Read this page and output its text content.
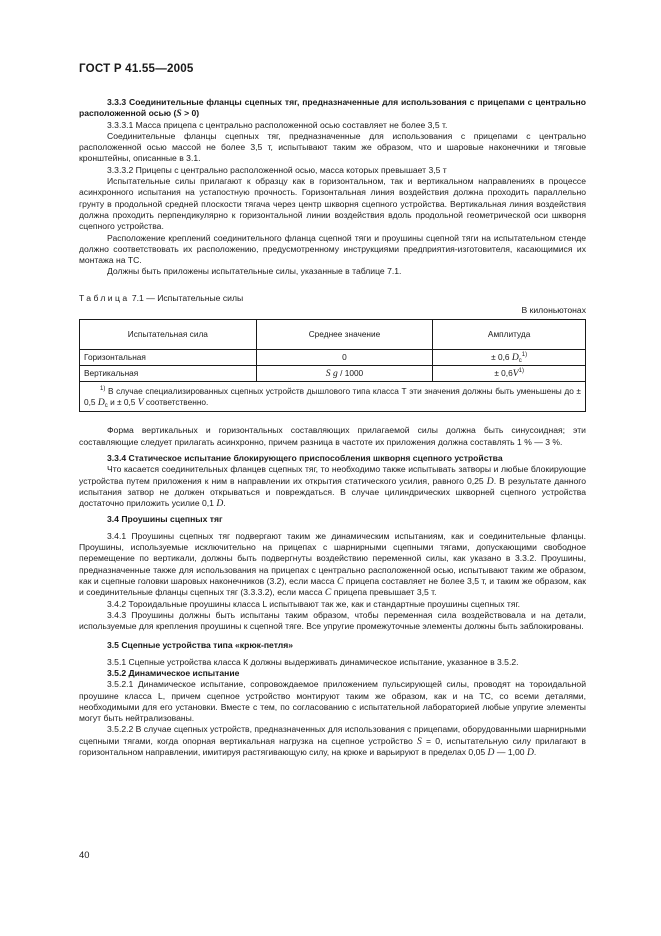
ГОСТ Р 41.55—2005

3.3.3 Соединительные фланцы сцепных тяг, предназначенные для использования с прицепами с центрально расположенной осью (S > 0)

3.3.3.1 Масса прицепа с центрально расположенной осью составляет не более 3,5 т.

Соединительные фланцы сцепных тяг, предназначенные для использования с прицепами с центрально расположенной осью массой не более 3,5 т, испытывают таким же образом, что и шаровые наконечники и тяговые кронштейны, описанные в 3.1.

3.3.3.2 Прицепы с центрально расположенной осью, масса которых превышает 3,5 т

Испытательные силы прилагают к образцу как в горизонтальном, так и вертикальном направлениях в процессе асинхронного испытания на устапостную прочность. Горизонтальная линия воздействия должна проходить параллельно грунту в продольной средней плоскости тягача через центр шкворня сцепного устройства. Вертикальная линия воздействия должна проходить перпендикулярно к горизонтальной линии воздействия вдоль продольной геометрической оси шкворня сцепного устройства.

Расположение креплений соединительного фланца сцепной тяги и проушины сцепной тяги на испытательном стенде должно соответствовать их расположению, предусмотренному инструкциями предприятия-изготовителя, касающимися их монтажа на ТС.

Должны быть приложены испытательные силы, указанные в таблице 7.1.

Таблица 7.1 — Испытательные силы

В килоньютонах

Испытательная сила	Среднее значение	Амплитуда
Горизонтальная	0	± 0,6 $D_c^{1)}$
Вертикальная	S g / 1000	± $0,6V^{1)}$
$^{1)}$ В случае специализированных сцепных устройств дышлового типа класса Т эти значения должны быть уменьшены до ± 0,5 $D_c$ и ± 0,5 V соответственно.		

Форма вертикальных и горизонтальных составляющих прилагаемой силы должна быть синусоидная; эти составляющие следует прилагать асинхронно, причем разница в частоте их приложения должна составлять 1 % — 3 %.

3.3.4 Статическое испытание блокирующего приспособления шкворня сцепного устройства

Что касается соединительных фланцев сцепных тяг, то необходимо также испытывать затворы и любые блокирующие устройства путем приложения к ним в направлении их открытия статического усилия, равного 0,25 D. В результате данного испытания затвор не должен открываться и повреждаться. В случае цилиндрических шкворней сцепного устройства достаточно приложить усилие 0,1 D.

3.4 Проушины сцепных тяг

3.4.1 Проушины сцепных тяг подвергают таким же динамическим испытаниям, как и соединительные фланцы. Проушины, используемые исключительно на прицепах с шарнирными сцепными тягами, допускающими свободное перемещение по вертикали, должны быть подвергнуты воздействию переменной силы, как указано в 3.3.2. Проушины, предназначенные также для использования на прицепах с центрально расположенной осью, испытывают таким же образом, как и сцепные головки шаровых наконечников (3.2), если масса C прицепа составляет не более 3,5 т, и таким же образом, как и соединительные фланцы сцепных тяг (3.3.3.2), если масса C прицепа превышает 3,5 т.

3.4.2 Тороидальные проушины класса L испытывают так же, как и стандартные проушины сцепных тяг.

3.4.3 Проушины должны быть испытаны таким образом, чтобы переменная сила воздействовала и на детали, используемые для крепления проушины к сцепной тяге. Все упругие промежуточные элементы должны быть заблокированы.

3.5 Сцепные устройства типа «крюк-петля»

3.5.1 Сцепные устройства класса К должны выдерживать динамическое испытание, указанное в 3.5.2.

3.5.2 Динамическое испытание

3.5.2.1 Динамическое испытание, сопровождаемое приложением пульсирующей силы, проводят на тороидальной проушине класса L, причем сцепное устройство монтируют таким же образом, как и на ТС, со всеми деталями, необходимыми для его установки. Вместе с тем, по согласованию с испытательной лабораторией любые упругие элементы могут быть нейтрализованы.

3.5.2.2 В случае сцепных устройств, предназначенных для использования с прицепами, оборудованными шарнирными сцепными тягами, когда опорная вертикальная нагрузка на сцепное устройство S = 0, испытательную силу прилагают в горизонтальном направлении, имитируя растягивающую силу, на крюке и варьируют в пределах 0,05 D — 1,00 D.

40
